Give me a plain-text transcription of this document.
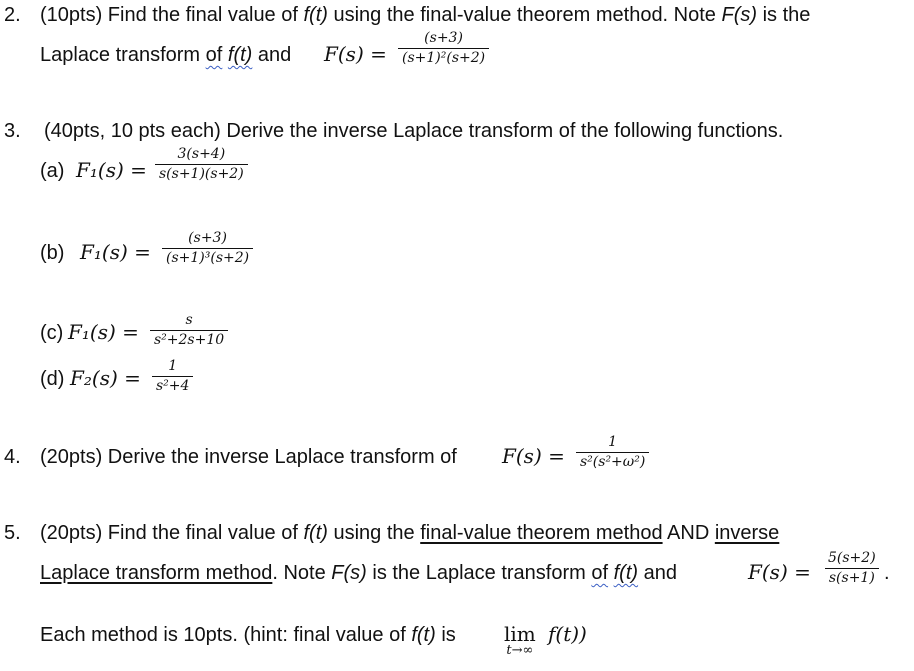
2. (10pts) Find the final value of f(t) using the final-value theorem method. Note F(s) is the
Laplace transform of f(t) and $F(s) = \frac{(s+3)}{\text{(s+1)²(s+2)}}$
3. (40pts, 10 pts each) Derive the inverse Laplace transform of the following functions.
(a) $F_1(s) = \frac{3(s+4)}{s(s+1)(s+2)}$
(b) $F_1(s) = \frac{(s+3)}{\text{(s+1)³(s+2)}}$
(c) $F_1(s) = \frac{s}{\text{s²+2s+10}}$
(d) $F_2(s) = \frac{1}{\text{s²+4}}$
4. (20pts) Derive the inverse Laplace transform of $F(s) = \frac{1}{\text{s²(s²+ω²)}}$
5. (20pts) Find the final value of f(t) using the final-value theorem method AND inverse
Laplace transform method. Note F(s) is the Laplace transform of f(t) and	$F(s) = \frac{5(s+2)}{s(s+1)}$ .
Each method is 10pts. (hint: final value of f(t) is lim
t→∞
f(t))
